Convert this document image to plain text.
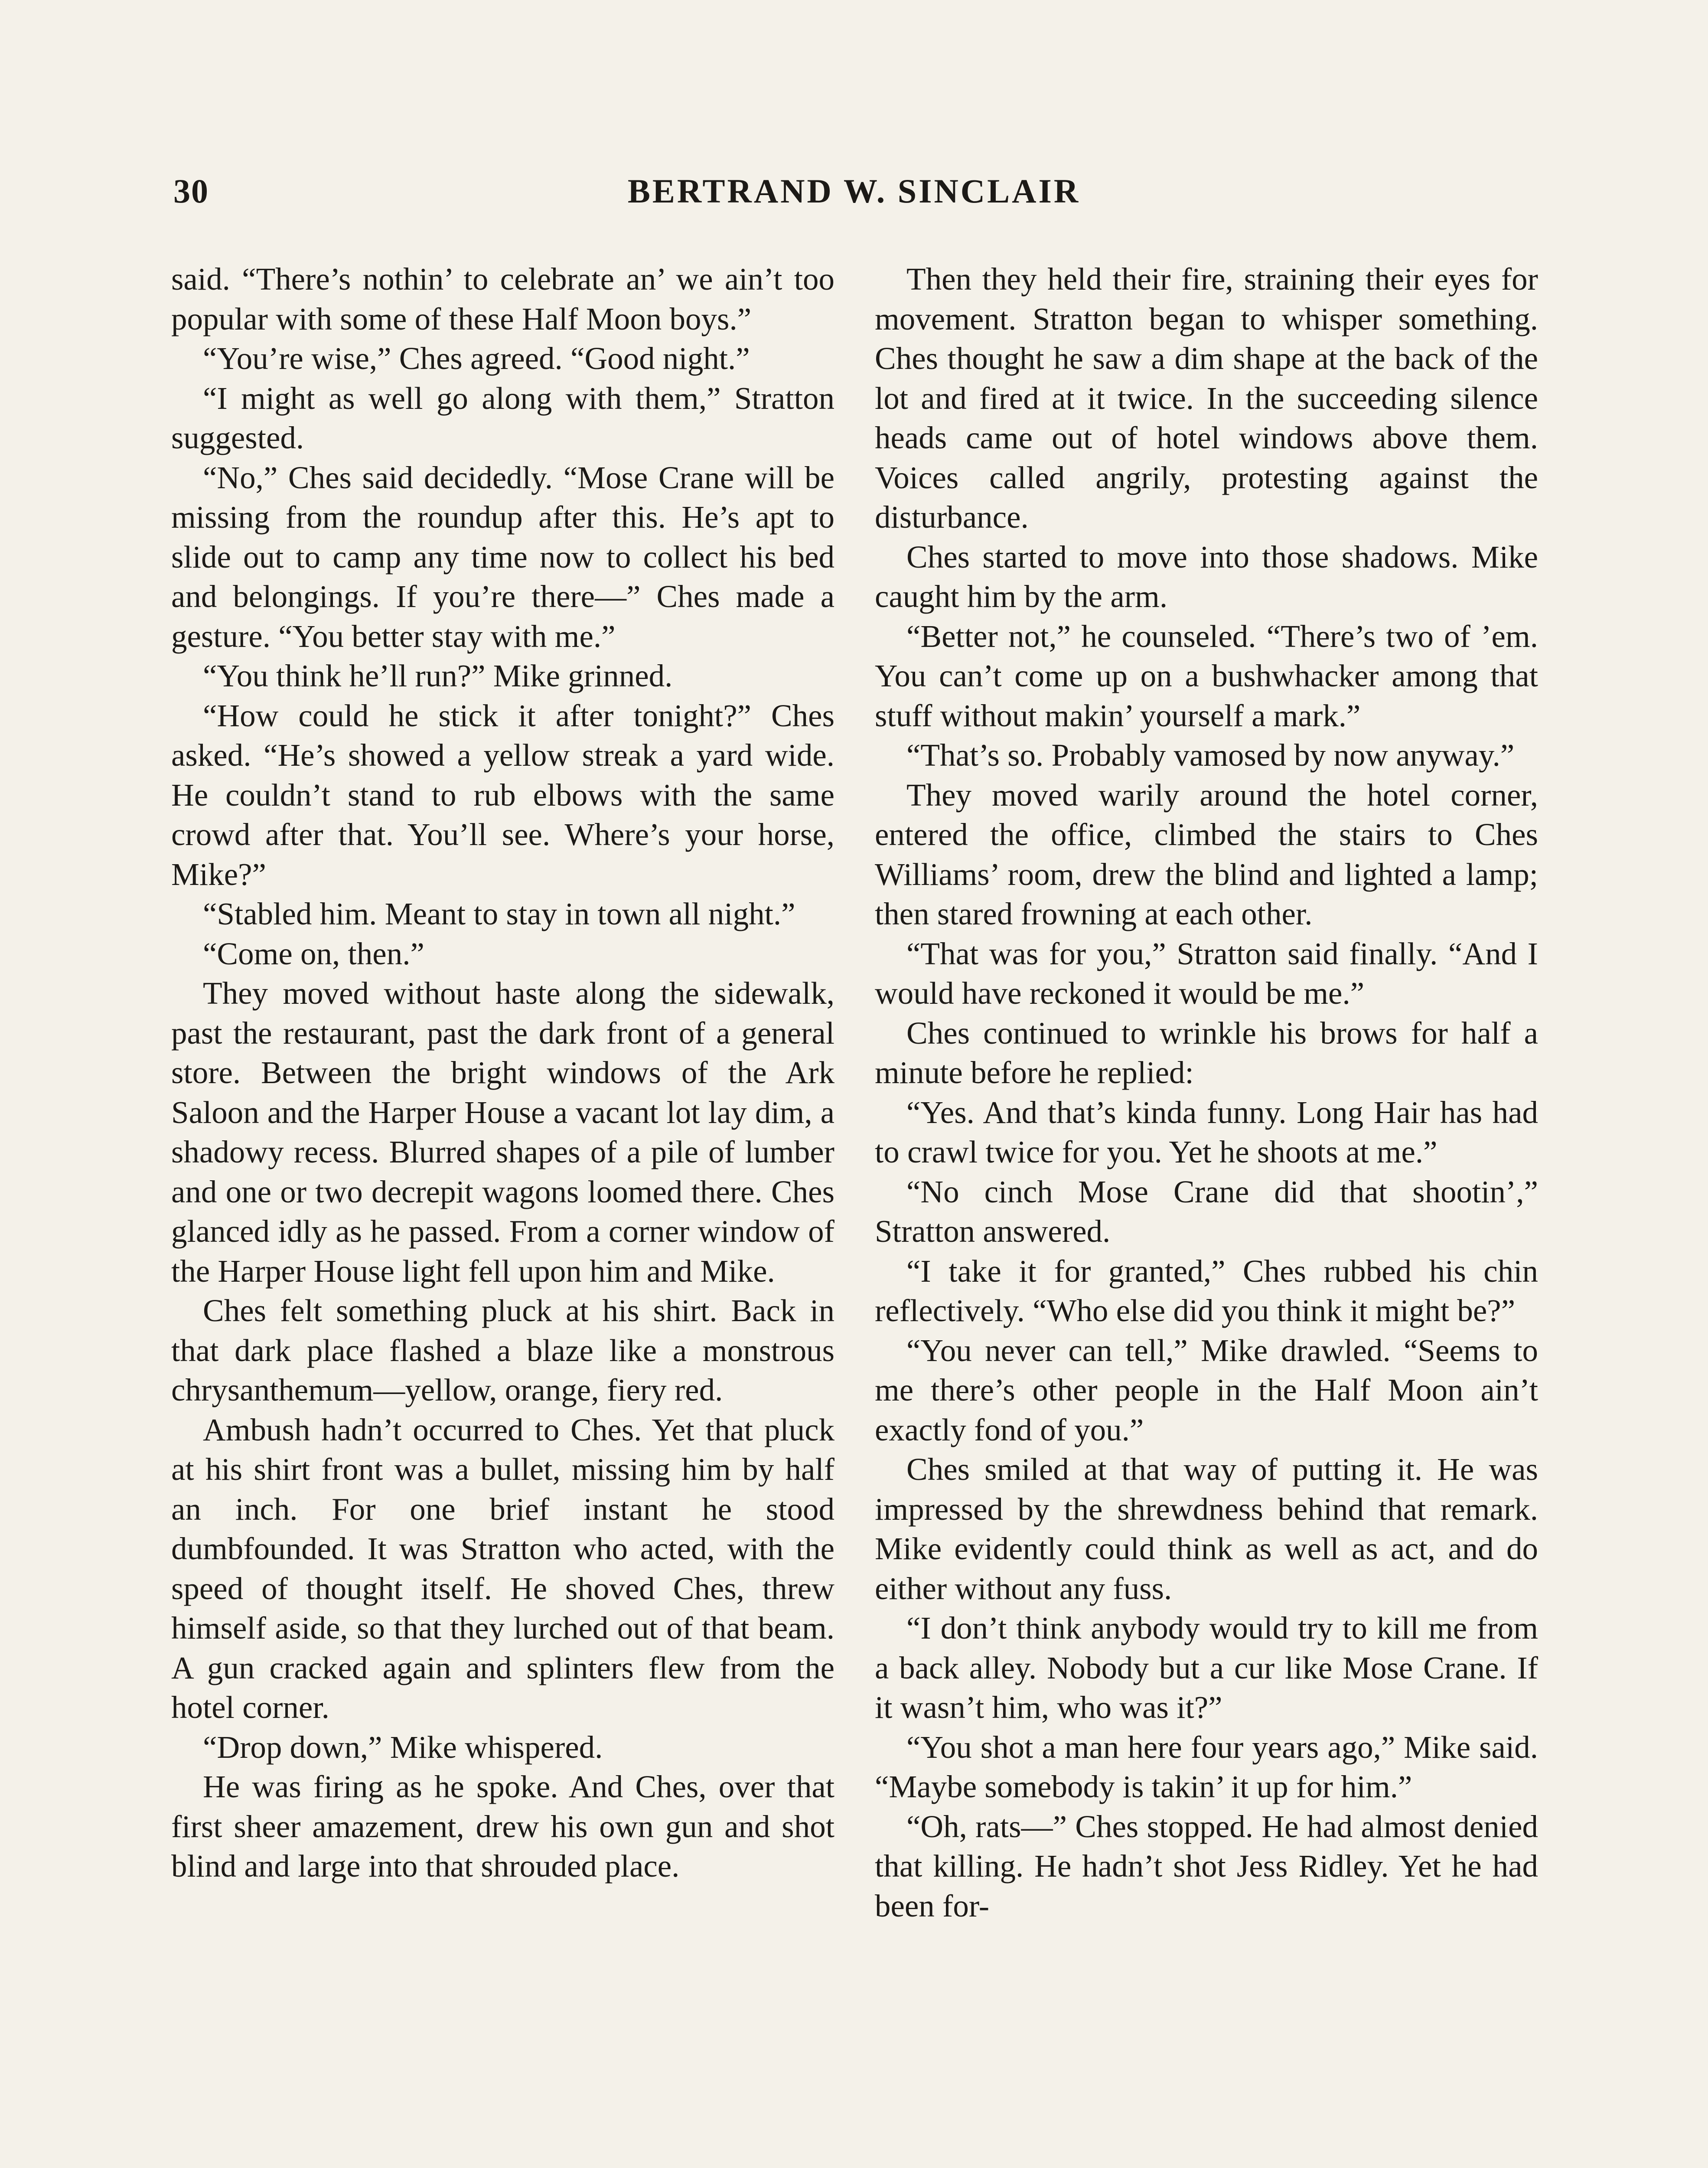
30	BERTRAND W. SINCLAIR

said. “There’s nothin’ to celebrate an’ we ain’t too popular with some of these Half Moon boys.”

“You’re wise,” Ches agreed. “Good night.”

“I might as well go along with them,” Stratton suggested.

“No,” Ches said decidedly. “Mose Crane will be missing from the roundup after this. He’s apt to slide out to camp any time now to collect his bed and belongings. If you’re there—” Ches made a gesture. “You better stay with me.”

“You think he’ll run?” Mike grinned.

“How could he stick it after tonight?” Ches asked. “He’s showed a yellow streak a yard wide. He couldn’t stand to rub elbows with the same crowd after that. You’ll see. Where’s your horse, Mike?”

“Stabled him. Meant to stay in town all night.”

“Come on, then.”

They moved without haste along the sidewalk, past the restaurant, past the dark front of a general store. Between the bright windows of the Ark Saloon and the Harper House a vacant lot lay dim, a shadowy recess. Blurred shapes of a pile of lumber and one or two decrepit wagons loomed there. Ches glanced idly as he passed. From a corner window of the Harper House light fell upon him and Mike.

Ches felt something pluck at his shirt. Back in that dark place flashed a blaze like a monstrous chrysanthemum—yellow, orange, fiery red.

Ambush hadn’t occurred to Ches. Yet that pluck at his shirt front was a bullet, missing him by half an inch. For one brief instant he stood dumbfounded. It was Stratton who acted, with the speed of thought itself. He shoved Ches, threw himself aside, so that they lurched out of that beam. A gun cracked again and splinters flew from the hotel corner.

“Drop down,” Mike whispered.

He was firing as he spoke. And Ches, over that first sheer amazement, drew his own gun and shot blind and large into that shrouded place.

Then they held their fire, straining their eyes for movement. Stratton began to whisper something. Ches thought he saw a dim shape at the back of the lot and fired at it twice. In the succeeding silence heads came out of hotel windows above them. Voices called angrily, protesting against the disturbance.

Ches started to move into those shadows. Mike caught him by the arm.

“Better not,” he counseled. “There’s two of ’em. You can’t come up on a bushwhacker among that stuff without makin’ yourself a mark.”

“That’s so. Probably vamosed by now anyway.”

They moved warily around the hotel corner, entered the office, climbed the stairs to Ches Williams’ room, drew the blind and lighted a lamp; then stared frowning at each other.

“That was for you,” Stratton said finally. “And I would have reckoned it would be me.”

Ches continued to wrinkle his brows for half a minute before he replied:

“Yes. And that’s kinda funny. Long Hair has had to crawl twice for you. Yet he shoots at me.”

“No cinch Mose Crane did that shootin’,” Stratton answered.

“I take it for granted,” Ches rubbed his chin reflectively. “Who else did you think it might be?”

“You never can tell,” Mike drawled. “Seems to me there’s other people in the Half Moon ain’t exactly fond of you.”

Ches smiled at that way of putting it. He was impressed by the shrewdness behind that remark. Mike evidently could think as well as act, and do either without any fuss.

“I don’t think anybody would try to kill me from a back alley. Nobody but a cur like Mose Crane. If it wasn’t him, who was it?”

“You shot a man here four years ago,” Mike said. “Maybe somebody is takin’ it up for him.”

“Oh, rats—” Ches stopped. He had almost denied that killing. He hadn’t shot Jess Ridley. Yet he had been for-
